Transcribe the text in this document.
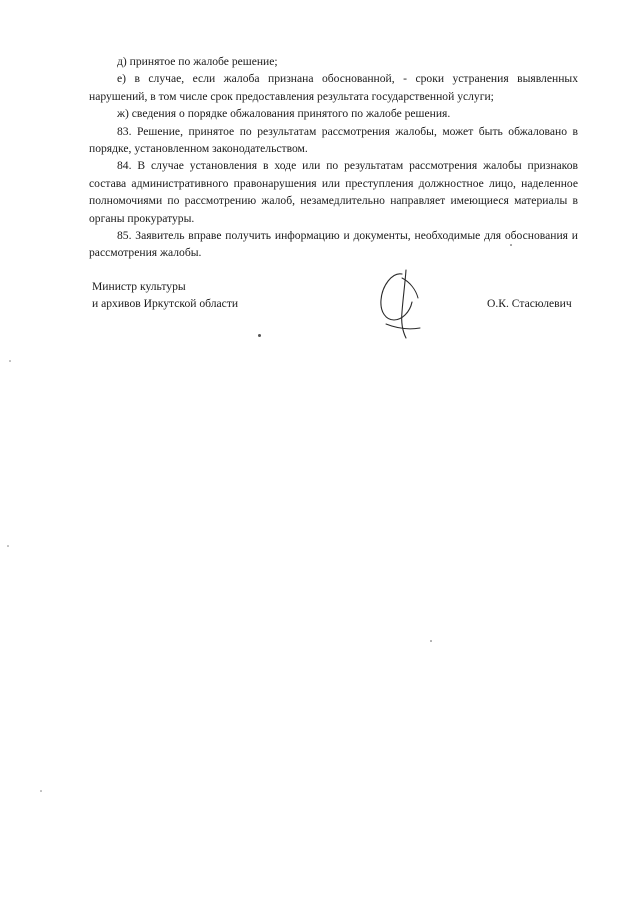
д) принятое по жалобе решение;

е) в случае, если жалоба признана обоснованной, - сроки устранения выявленных нарушений, в том числе срок предоставления результата государственной услуги;

ж) сведения о порядке обжалования принятого по жалобе решения.

83. Решение, принятое по результатам рассмотрения жалобы, может быть обжаловано в порядке, установленном законодательством.

84. В случае установления в ходе или по результатам рассмотрения жалобы признаков состава административного правонарушения или преступления должностное лицо, наделенное полномочиями по рассмотрению жалоб, незамедлительно направляет имеющиеся материалы в органы прокуратуры.

85. Заявитель вправе получить информацию и документы, необходимые для обоснования и рассмотрения жалобы.

Министр культуры
и архивов Иркутской области	О.К. Стасюлевич
